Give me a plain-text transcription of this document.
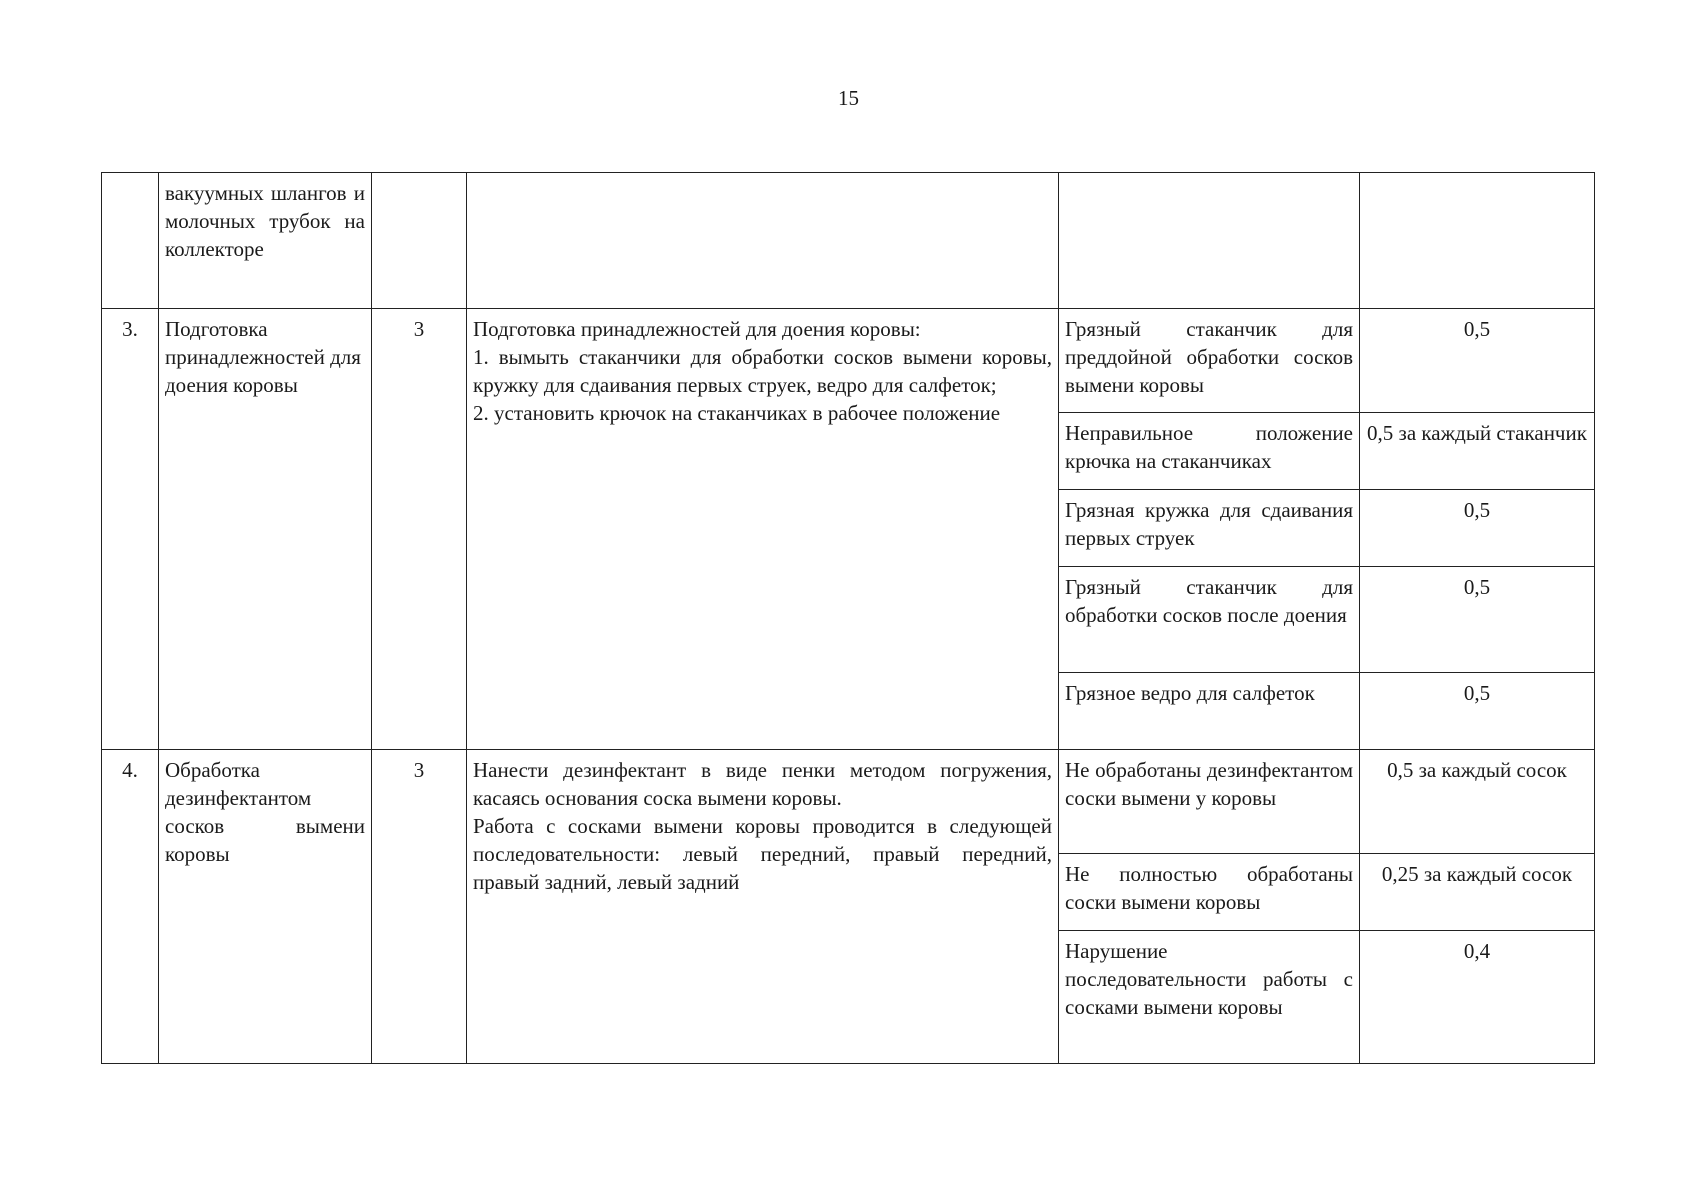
15
	вакуумных шлангов и молочных трубок на коллекторе				
3.	Подготовка принадлежностей для доения коровы	3	Подготовка принадлежностей для доения коровы:
1. вымыть стаканчики для обработки сосков вымени коровы, кружку для сдаивания первых струек, ведро для салфеток;
2. установить крючок на стаканчиках в рабочее положение	Грязный стаканчик для преддойной обработки сосков вымени коровы	0,5
				Неправильное положение крючка на стаканчиках	0,5 за каждый стаканчик
				Грязная кружка для сдаивания первых струек	0,5
				Грязный стаканчик для обработки сосков после доения	0,5
				Грязное ведро для салфеток	0,5
4.	Обработка дезинфектантом сосков вымени коровы	3	Нанести дезинфектант в виде пенки методом погружения, касаясь основания соска вымени коровы.
Работа с сосками вымени коровы проводится в следующей последовательности: левый передний, правый передний, правый задний, левый задний	Не обработаны дезинфектантом соски вымени у коровы	0,5 за каждый сосок
				Не полностью обработаны соски вымени коровы	0,25 за каждый сосок
				Нарушение последовательности работы с сосками вымени коровы	0,4
